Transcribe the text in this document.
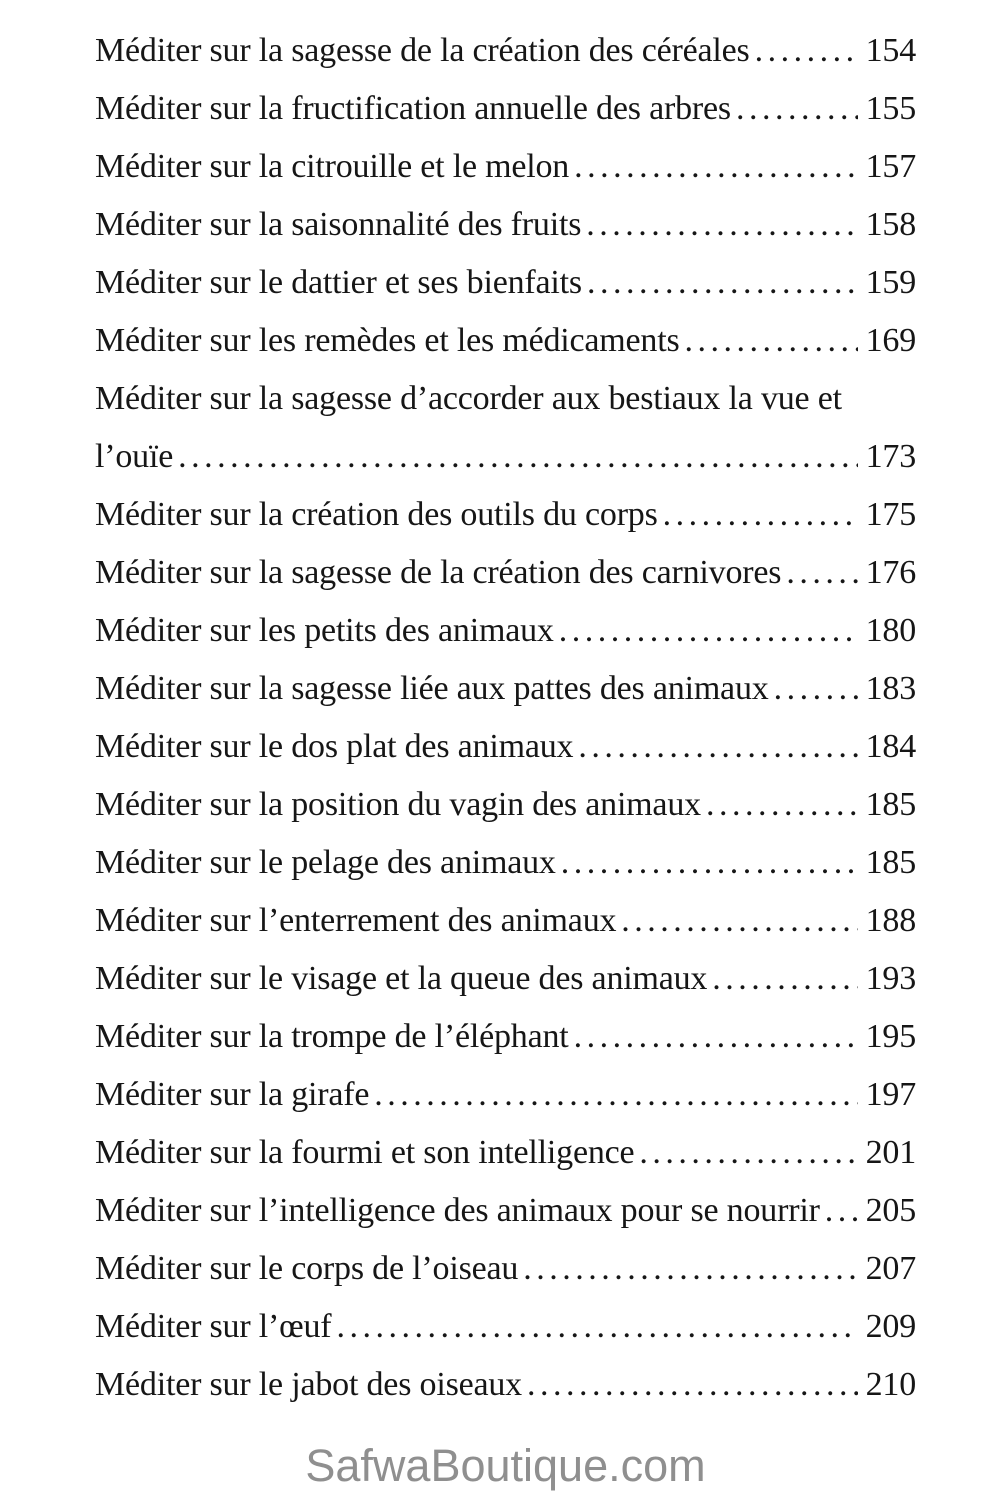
Méditer sur la sagesse de la création des céréales .....	154
Méditer sur la fructification annuelle des arbres .....	155
Méditer sur la citrouille et le melon .....	157
Méditer sur la saisonnalité des fruits .....	158
Méditer sur le dattier et ses bienfaits .....	159
Méditer sur les remèdes et les médicaments .....	169
Méditer sur la sagesse d’accorder aux bestiaux la vue et
l’ouïe .....	173
Méditer sur la création des outils du corps .....	175
Méditer sur la sagesse de la création des carnivores ..... 176
Méditer sur les petits des animaux .....	180
Méditer sur la sagesse liée aux pattes des animaux .....	183
Méditer sur le dos plat des animaux .....	184
Méditer sur la position du vagin des animaux .....	185
Méditer sur le pelage des animaux .....	185
Méditer sur l’enterrement des animaux .....	188
Méditer sur le visage et la queue des animaux .....	193
Méditer sur la trompe de l’éléphant .....	195
Méditer sur la girafe .....	197
Méditer sur la fourmi et son intelligence .....	201
Méditer sur l’intelligence des animaux pour se nourrir ..... 205
Méditer sur le corps de l’oiseau .....	207
Méditer sur l’œuf .....	209
Méditer sur le jabot des oiseaux .....	210
SafwaBoutique.com
